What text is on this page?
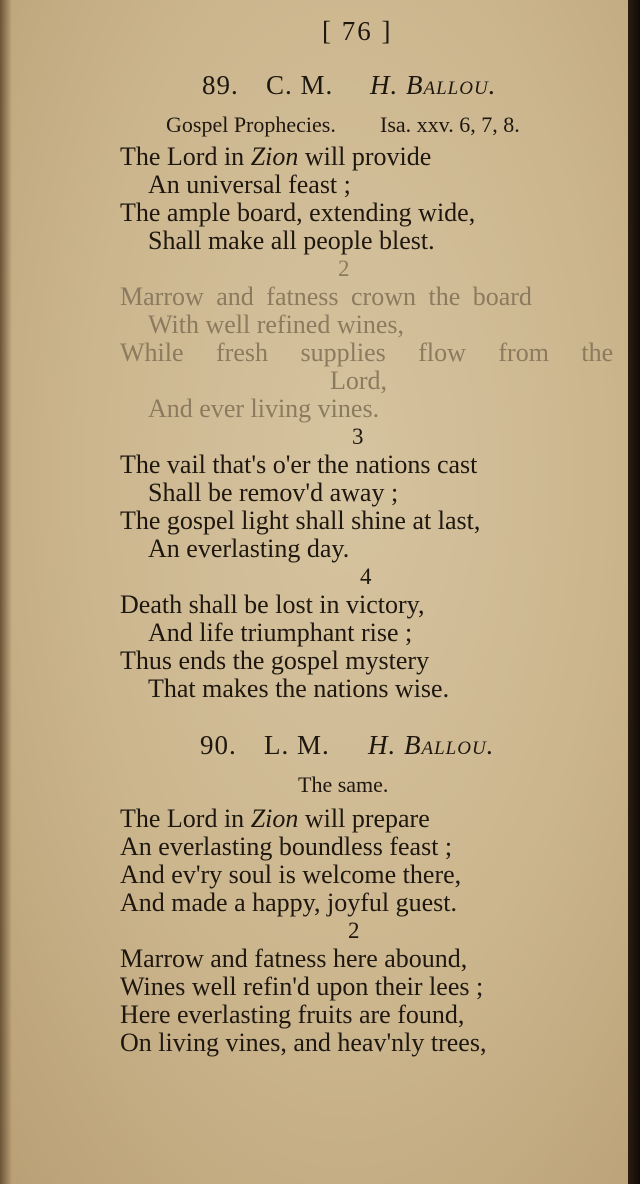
[ 76 ]
89. C. M. H. Ballou.
Gospel Prophecies. Isa. xxv. 6, 7, 8.
The Lord in Zion will provide
An universal feast ;
The ample board, extending wide,
Shall make all people blest.
2
Marrow and fatness crown the board
With well refined wines,
While fresh supplies flow from the
Lord,
And ever living vines.
3
The vail that's o'er the nations cast
Shall be remov'd away ;
The gospel light shall shine at last,
An everlasting day.
4
Death shall be lost in victory,
And life triumphant rise ;
Thus ends the gospel mystery
That makes the nations wise.
90. L. M. H. Ballou.
The same.
The Lord in Zion will prepare
An everlasting boundless feast ;
And ev'ry soul is welcome there,
And made a happy, joyful guest.
2
Marrow and fatness here abound,
Wines well refin'd upon their lees ;
Here everlasting fruits are found,
On living vines, and heav'nly trees,
